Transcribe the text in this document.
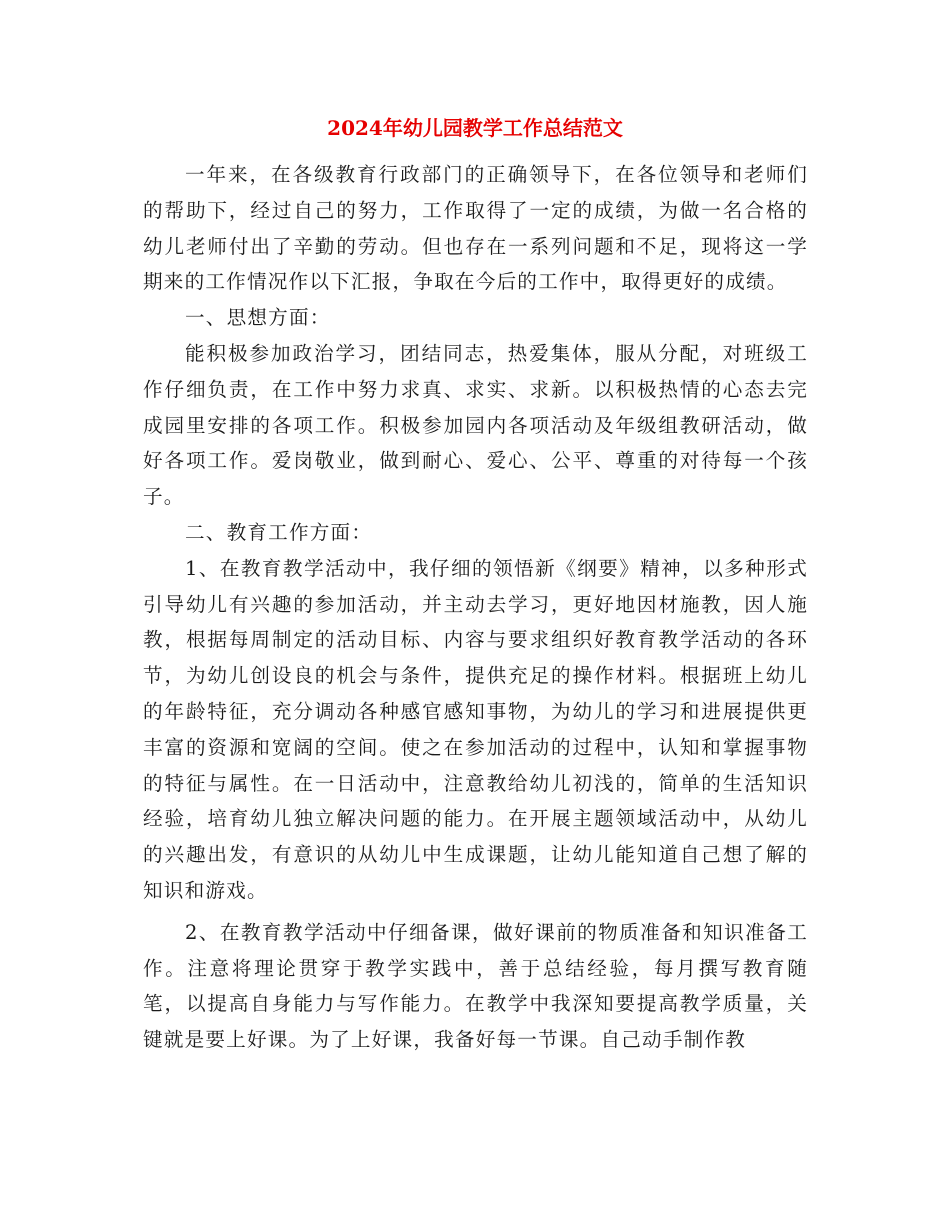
2024年幼儿园教学工作总结范文

一年来，在各级教育行政部门的正确领导下，在各位领导和老师们的帮助下，经过自己的努力，工作取得了一定的成绩，为做一名合格的幼儿老师付出了辛勤的劳动。但也存在一系列问题和不足，现将这一学期来的工作情况作以下汇报，争取在今后的工作中，取得更好的成绩。

一、思想方面：

能积极参加政治学习，团结同志，热爱集体，服从分配，对班级工作仔细负责，在工作中努力求真、求实、求新。以积极热情的心态去完成园里安排的各项工作。积极参加园内各项活动及年级组教研活动，做好各项工作。爱岗敬业，做到耐心、爱心、公平、尊重的对待每一个孩子。

二、教育工作方面：

1、在教育教学活动中，我仔细的领悟新《纲要》精神，以多种形式引导幼儿有兴趣的参加活动，并主动去学习，更好地因材施教，因人施教，根据每周制定的活动目标、内容与要求组织好教育教学活动的各环节，为幼儿创设良的机会与条件，提供充足的操作材料。根据班上幼儿的年龄特征，充分调动各种感官感知事物，为幼儿的学习和进展提供更丰富的资源和宽阔的空间。使之在参加活动的过程中，认知和掌握事物的特征与属性。在一日活动中，注意教给幼儿初浅的，简单的生活知识经验，培育幼儿独立解决问题的能力。在开展主题领域活动中，从幼儿的兴趣出发，有意识的从幼儿中生成课题，让幼儿能知道自己想了解的知识和游戏。

2、在教育教学活动中仔细备课，做好课前的物质准备和知识准备工作。注意将理论贯穿于教学实践中，善于总结经验，每月撰写教育随笔，以提高自身能力与写作能力。在教学中我深知要提高教学质量，关键就是要上好课。为了上好课，我备好每一节课。自己动手制作教
